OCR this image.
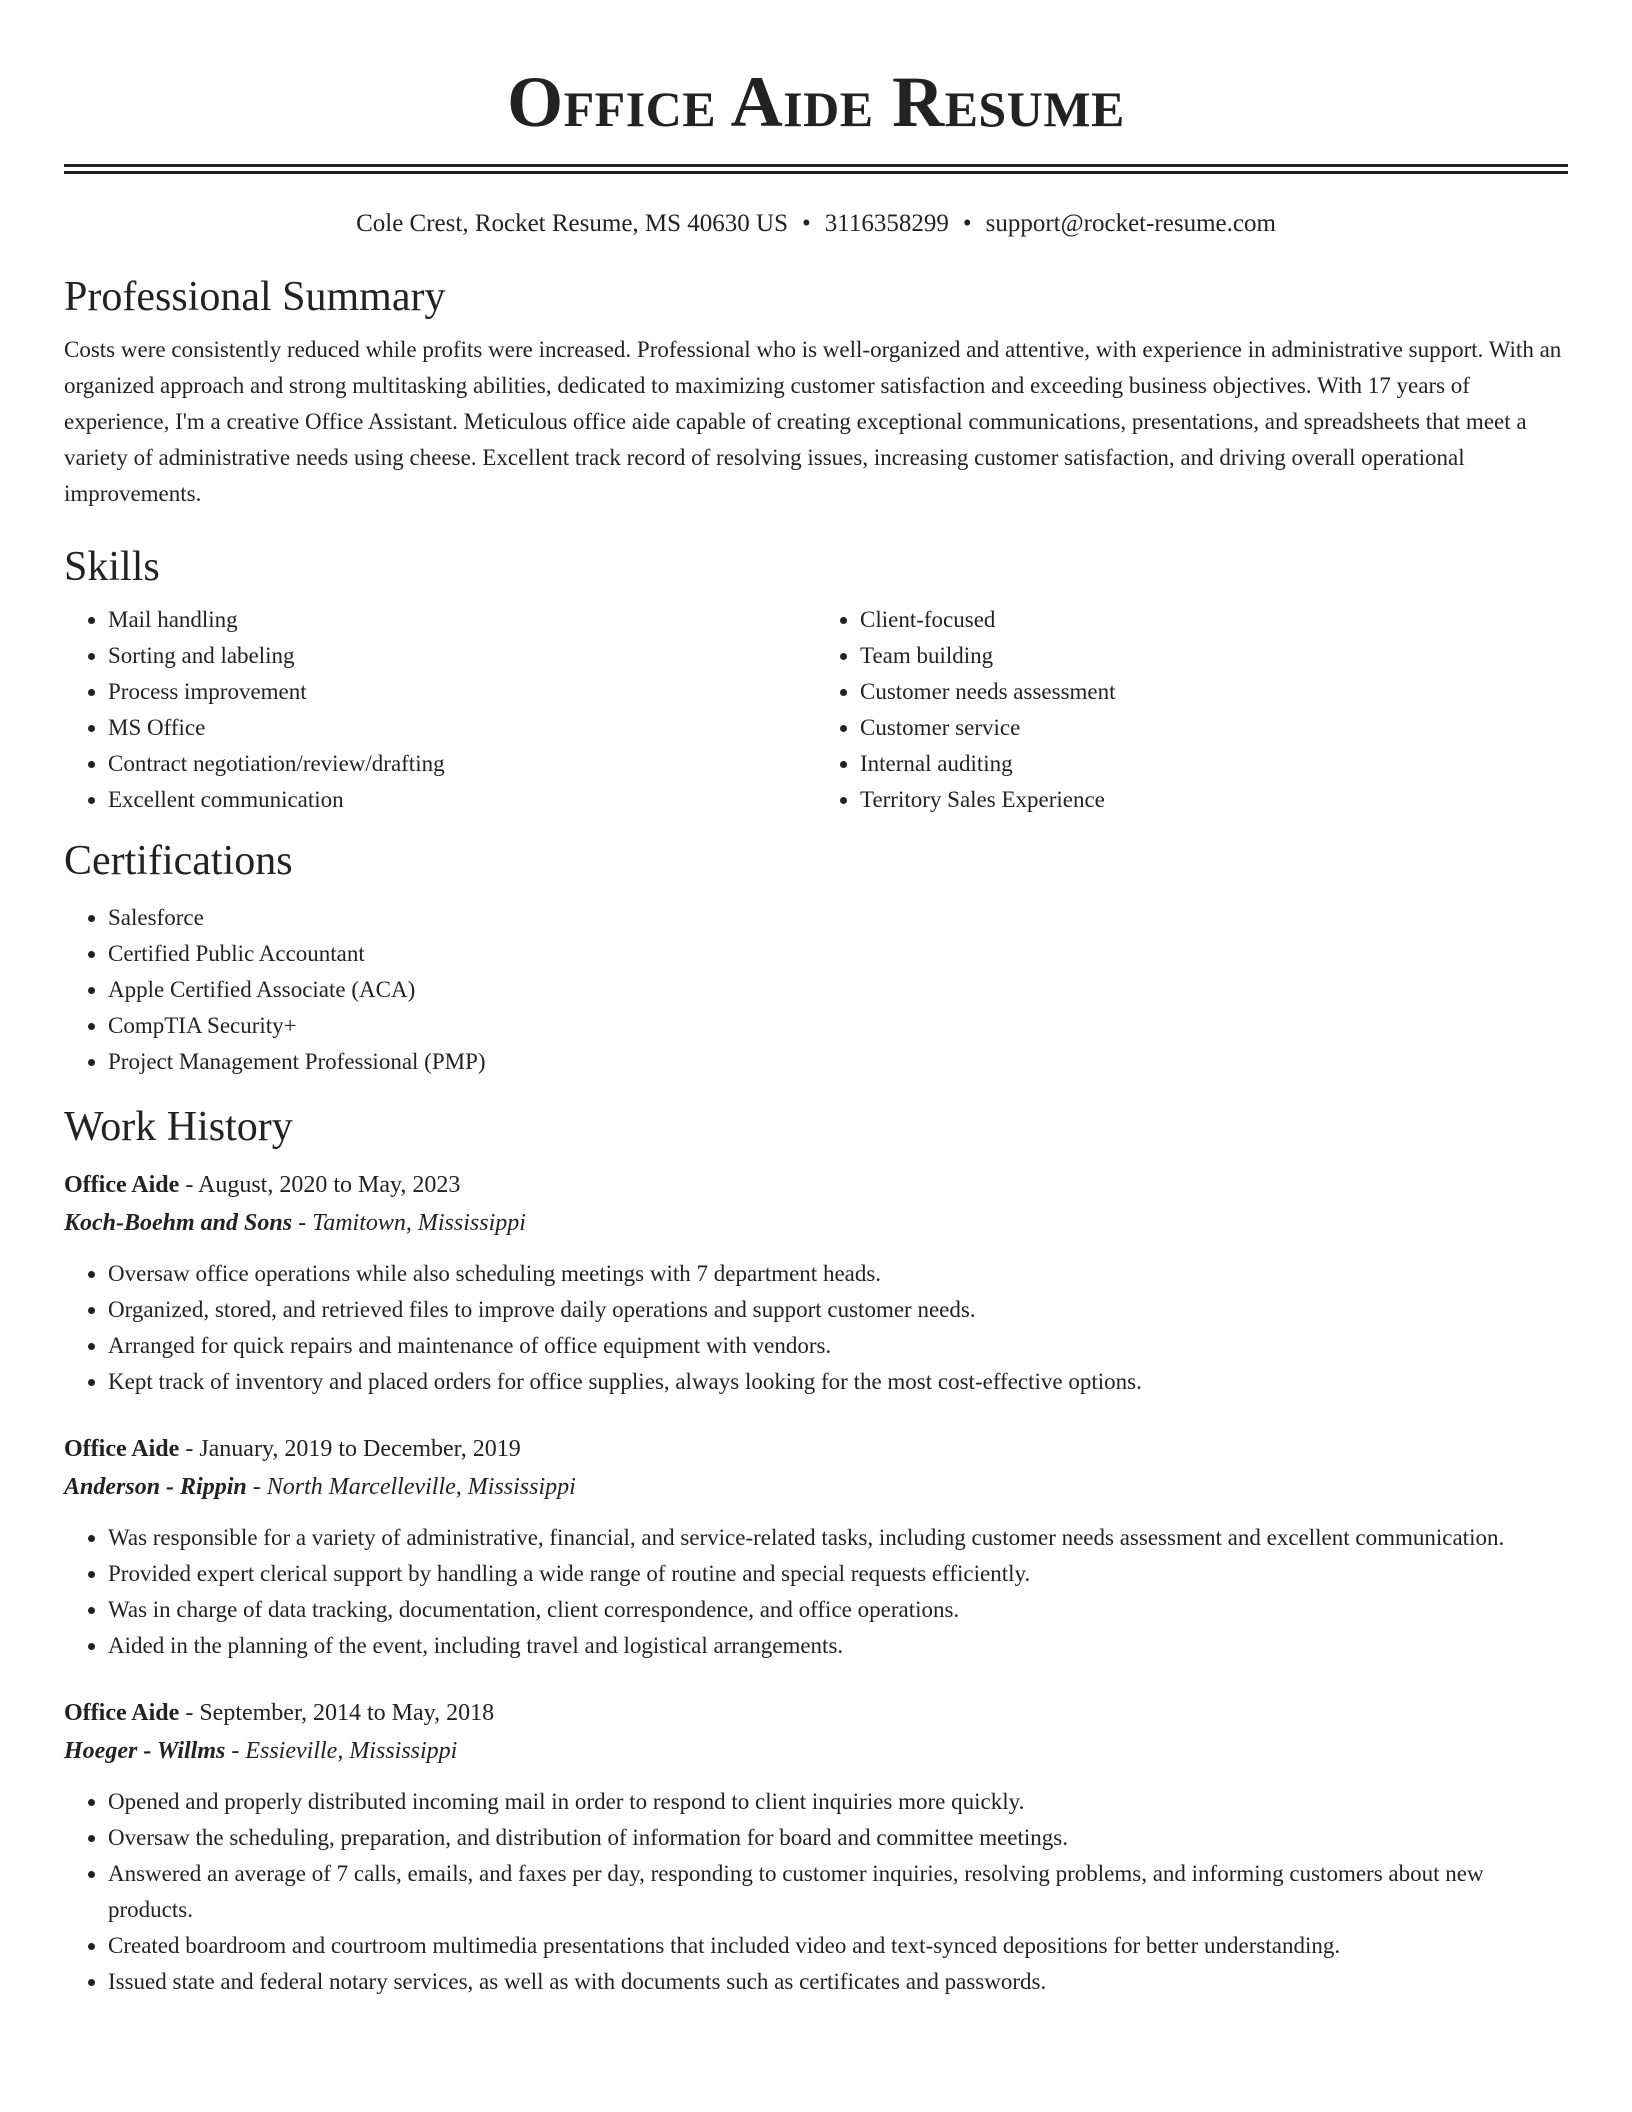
Office Aide Resume
Cole Crest, Rocket Resume, MS 40630 US • 3116358299 • support@rocket-resume.com
Professional Summary

Costs were consistently reduced while profits were increased. Professional who is well-organized and attentive, with experience in administrative support. With an organized approach and strong multitasking abilities, dedicated to maximizing customer satisfaction and exceeding business objectives. With 17 years of experience, I'm a creative Office Assistant. Meticulous office aide capable of creating exceptional communications, presentations, and spreadsheets that meet a variety of administrative needs using cheese. Excellent track record of resolving issues, increasing customer satisfaction, and driving overall operational improvements.

Skills
• Mail handling
• Sorting and labeling
• Process improvement
• MS Office
• Contract negotiation/review/drafting
• Excellent communication
• Client-focused
• Team building
• Customer needs assessment
• Customer service
• Internal auditing
• Territory Sales Experience
Certifications
• Salesforce
• Certified Public Accountant
• Apple Certified Associate (ACA)
• CompTIA Security+
• Project Management Professional (PMP)
Work History
Office Aide - August, 2020 to May, 2023
Koch-Boehm and Sons - Tamitown, Mississippi
• Oversaw office operations while also scheduling meetings with 7 department heads.
• Organized, stored, and retrieved files to improve daily operations and support customer needs.
• Arranged for quick repairs and maintenance of office equipment with vendors.
• Kept track of inventory and placed orders for office supplies, always looking for the most cost-effective options.
Office Aide - January, 2019 to December, 2019
Anderson - Rippin - North Marcelleville, Mississippi
• Was responsible for a variety of administrative, financial, and service-related tasks, including customer needs assessment and excellent communication.
• Provided expert clerical support by handling a wide range of routine and special requests efficiently.
• Was in charge of data tracking, documentation, client correspondence, and office operations.
• Aided in the planning of the event, including travel and logistical arrangements.
Office Aide - September, 2014 to May, 2018
Hoeger - Willms - Essieville, Mississippi
• Opened and properly distributed incoming mail in order to respond to client inquiries more quickly.
• Oversaw the scheduling, preparation, and distribution of information for board and committee meetings.
• Answered an average of 7 calls, emails, and faxes per day, responding to customer inquiries, resolving problems, and informing customers about new products.
• Created boardroom and courtroom multimedia presentations that included video and text-synced depositions for better understanding.
• Issued state and federal notary services, as well as with documents such as certificates and passwords.
